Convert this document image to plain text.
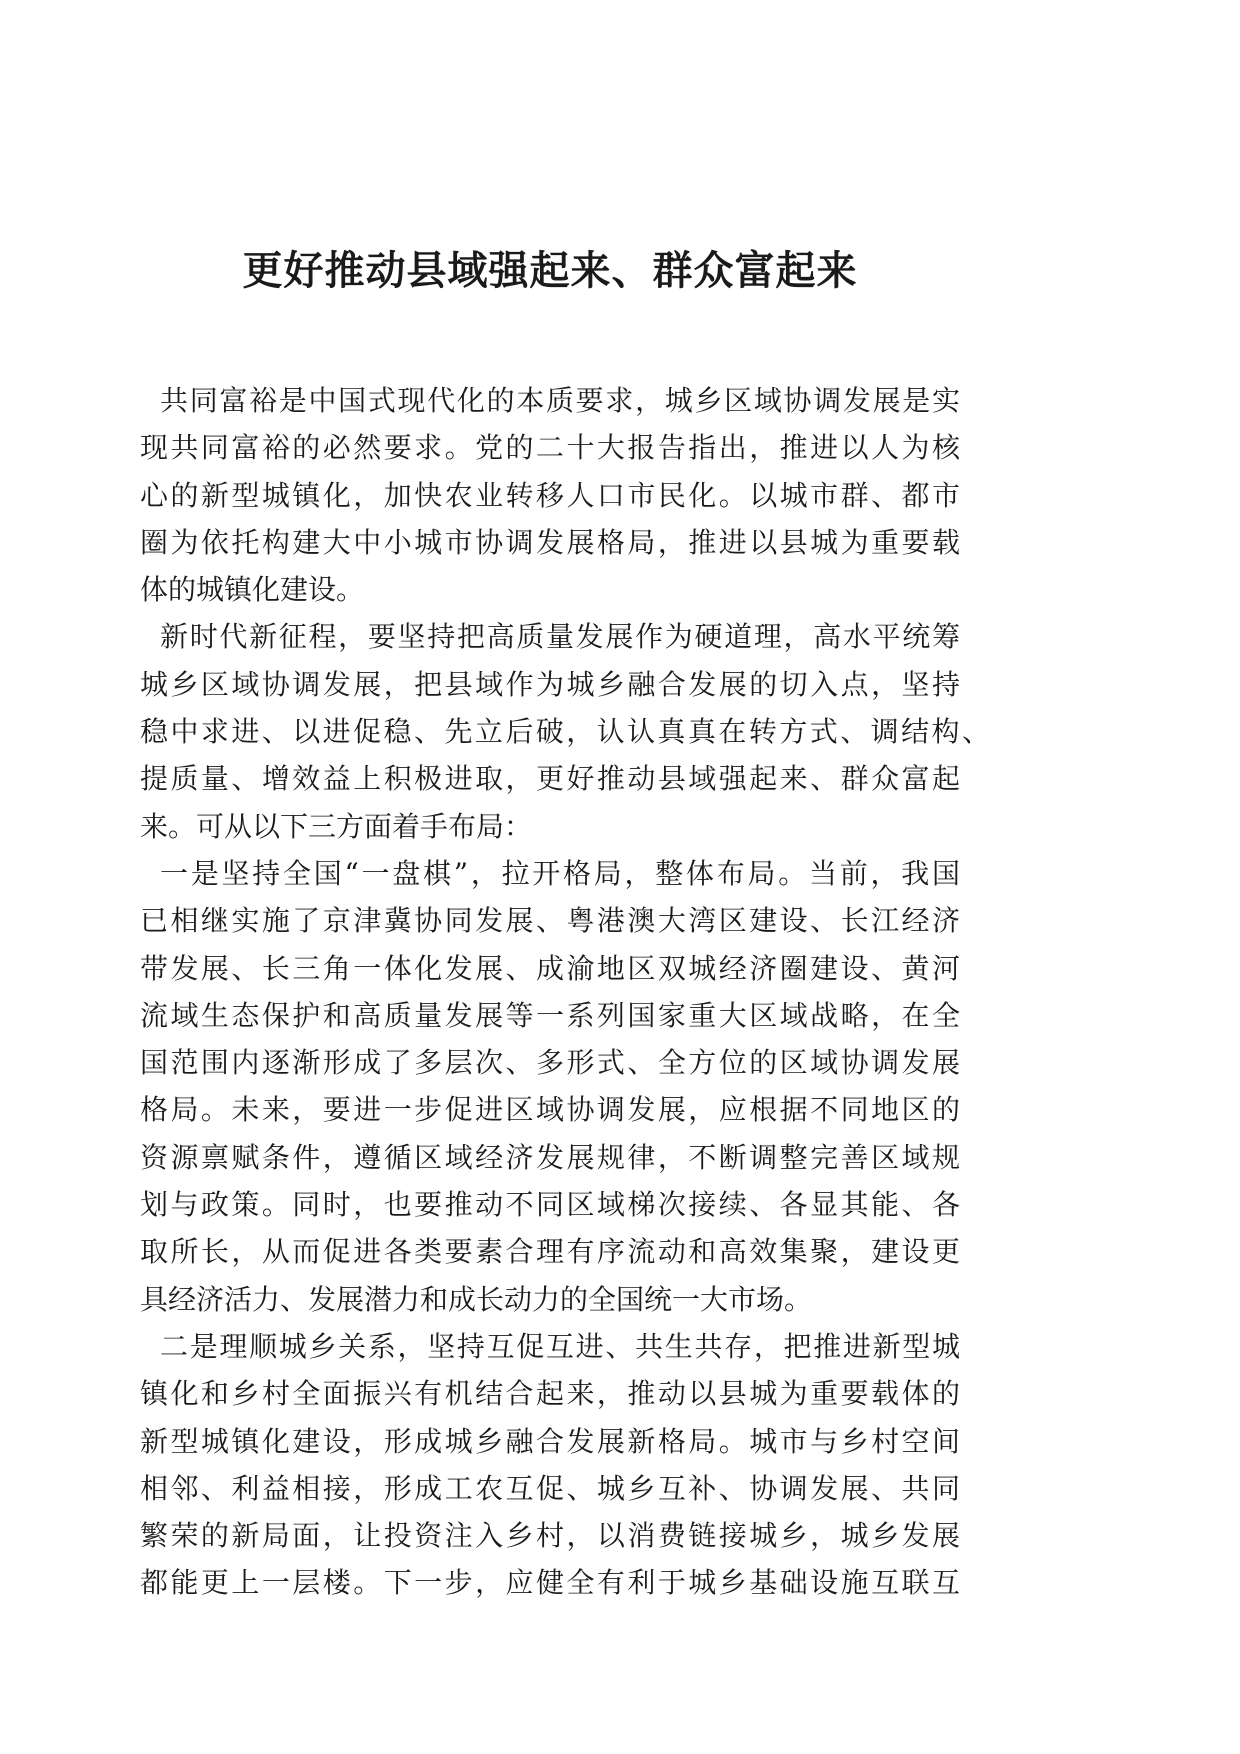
更好推动县域强起来、群众富起来
共同富裕是中国式现代化的本质要求，城乡区域协调发展是实
现共同富裕的必然要求。党的二十大报告指出，推进以人为核
心的新型城镇化，加快农业转移人口市民化。以城市群、都市
圈为依托构建大中小城市协调发展格局，推进以县城为重要载
体的城镇化建设。
新时代新征程，要坚持把高质量发展作为硬道理，高水平统筹
城乡区域协调发展，把县域作为城乡融合发展的切入点，坚持
稳中求进、以进促稳、先立后破，认认真真在转方式、调结构、
提质量、增效益上积极进取，更好推动县域强起来、群众富起
来。可从以下三方面着手布局：
一是坚持全国“一盘棋”，拉开格局，整体布局。当前，我国
已相继实施了京津冀协同发展、粤港澳大湾区建设、长江经济
带发展、长三角一体化发展、成渝地区双城经济圈建设、黄河
流域生态保护和高质量发展等一系列国家重大区域战略，在全
国范围内逐渐形成了多层次、多形式、全方位的区域协调发展
格局。未来，要进一步促进区域协调发展，应根据不同地区的
资源禀赋条件，遵循区域经济发展规律，不断调整完善区域规
划与政策。同时，也要推动不同区域梯次接续、各显其能、各
取所长，从而促进各类要素合理有序流动和高效集聚，建设更
具经济活力、发展潜力和成长动力的全国统一大市场。
二是理顺城乡关系，坚持互促互进、共生共存，把推进新型城
镇化和乡村全面振兴有机结合起来，推动以县城为重要载体的
新型城镇化建设，形成城乡融合发展新格局。城市与乡村空间
相邻、利益相接，形成工农互促、城乡互补、协调发展、共同
繁荣的新局面，让投资注入乡村，以消费链接城乡，城乡发展
都能更上一层楼。下一步，应健全有利于城乡基础设施互联互
